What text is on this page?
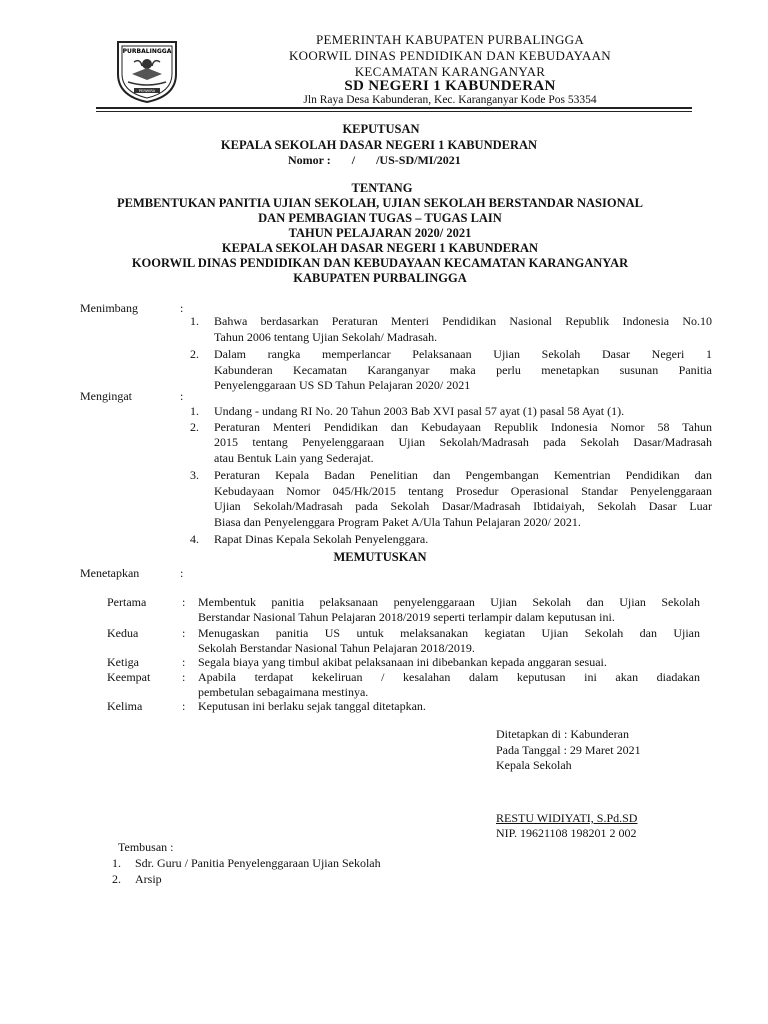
PURBALINGGA
PERWIRA
PEMERINTAH KABUPATEN PURBALINGGA
KOORWIL DINAS PENDIDIKAN DAN KEBUDAYAAN
KECAMATAN KARANGANYAR
SD NEGERI 1 KABUNDERAN
Jln Raya Desa Kabunderan, Kec. Karanganyar Kode Pos 53354
KEPUTUSAN
KEPALA SEKOLAH DASAR NEGERI 1 KABUNDERAN
Nomor :       /       /US-SD/MI/2021
TENTANG
PEMBENTUKAN PANITIA UJIAN SEKOLAH, UJIAN SEKOLAH BERSTANDAR NASIONAL
DAN PEMBAGIAN TUGAS – TUGAS LAIN
TAHUN PELAJARAN 2020/ 2021
KEPALA SEKOLAH DASAR NEGERI 1 KABUNDERAN
KOORWIL DINAS PENDIDIKAN DAN KEBUDAYAAN KECAMATAN KARANGANYAR
KABUPATEN PURBALINGGA
Menimbang	:
1. Bahwa berdasarkan Peraturan Menteri Pendidikan Nasional Republik Indonesia No.10
Tahun 2006 tentang Ujian Sekolah/ Madrasah.
2. Dalam rangka memperlancar Pelaksanaan Ujian Sekolah Dasar Negeri 1
Kabunderan Kecamatan Karanganyar maka perlu menetapkan susunan Panitia
Penyelenggaraan US SD Tahun Pelajaran 2020/ 2021
Mengingat	:
1. Undang - undang RI No. 20 Tahun 2003 Bab XVI pasal 57 ayat (1) pasal 58 Ayat (1).
2. Peraturan Menteri Pendidikan dan Kebudayaan Republik Indonesia Nomor 58 Tahun
2015 tentang Penyelenggaraan Ujian Sekolah/Madrasah pada Sekolah Dasar/Madrasah
atau Bentuk Lain yang Sederajat.
3. Peraturan Kepala Badan Penelitian dan Pengembangan Kementrian Pendidikan dan
Kebudayaan Nomor 045/Hk/2015 tentang Prosedur Operasional Standar Penyelenggaraan
Ujian Sekolah/Madrasah pada Sekolah Dasar/Madrasah Ibtidaiyah, Sekolah Dasar Luar
Biasa dan Penyelenggara Program Paket A/Ula Tahun Pelajaran 2020/ 2021.
4. Rapat Dinas Kepala Sekolah Penyelenggara.
MEMUTUSKAN
Menetapkan	:
Pertama	: Membentuk panitia pelaksanaan penyelenggaraan Ujian Sekolah dan Ujian Sekolah
Berstandar Nasional Tahun Pelajaran 2018/2019 seperti terlampir dalam keputusan ini.
Kedua	: Menugaskan panitia US untuk melaksanakan kegiatan Ujian Sekolah dan Ujian
Sekolah Berstandar Nasional Tahun Pelajaran 2018/2019.
Ketiga	: Segala biaya yang timbul akibat pelaksanaan ini dibebankan kepada anggaran sesuai.
Keempat	: Apabila terdapat kekeliruan / kesalahan dalam keputusan ini akan diadakan
pembetulan sebagaimana mestinya.
Kelima	: Keputusan ini berlaku sejak tanggal ditetapkan.
Ditetapkan di : Kabunderan
Pada Tanggal : 29 Maret 2021
Kepala Sekolah
RESTU WIDIYATI, S.Pd.SD
NIP. 19621108 198201 2 002
Tembusan :
1. Sdr. Guru / Panitia Penyelenggaraan Ujian Sekolah
2. Arsip
